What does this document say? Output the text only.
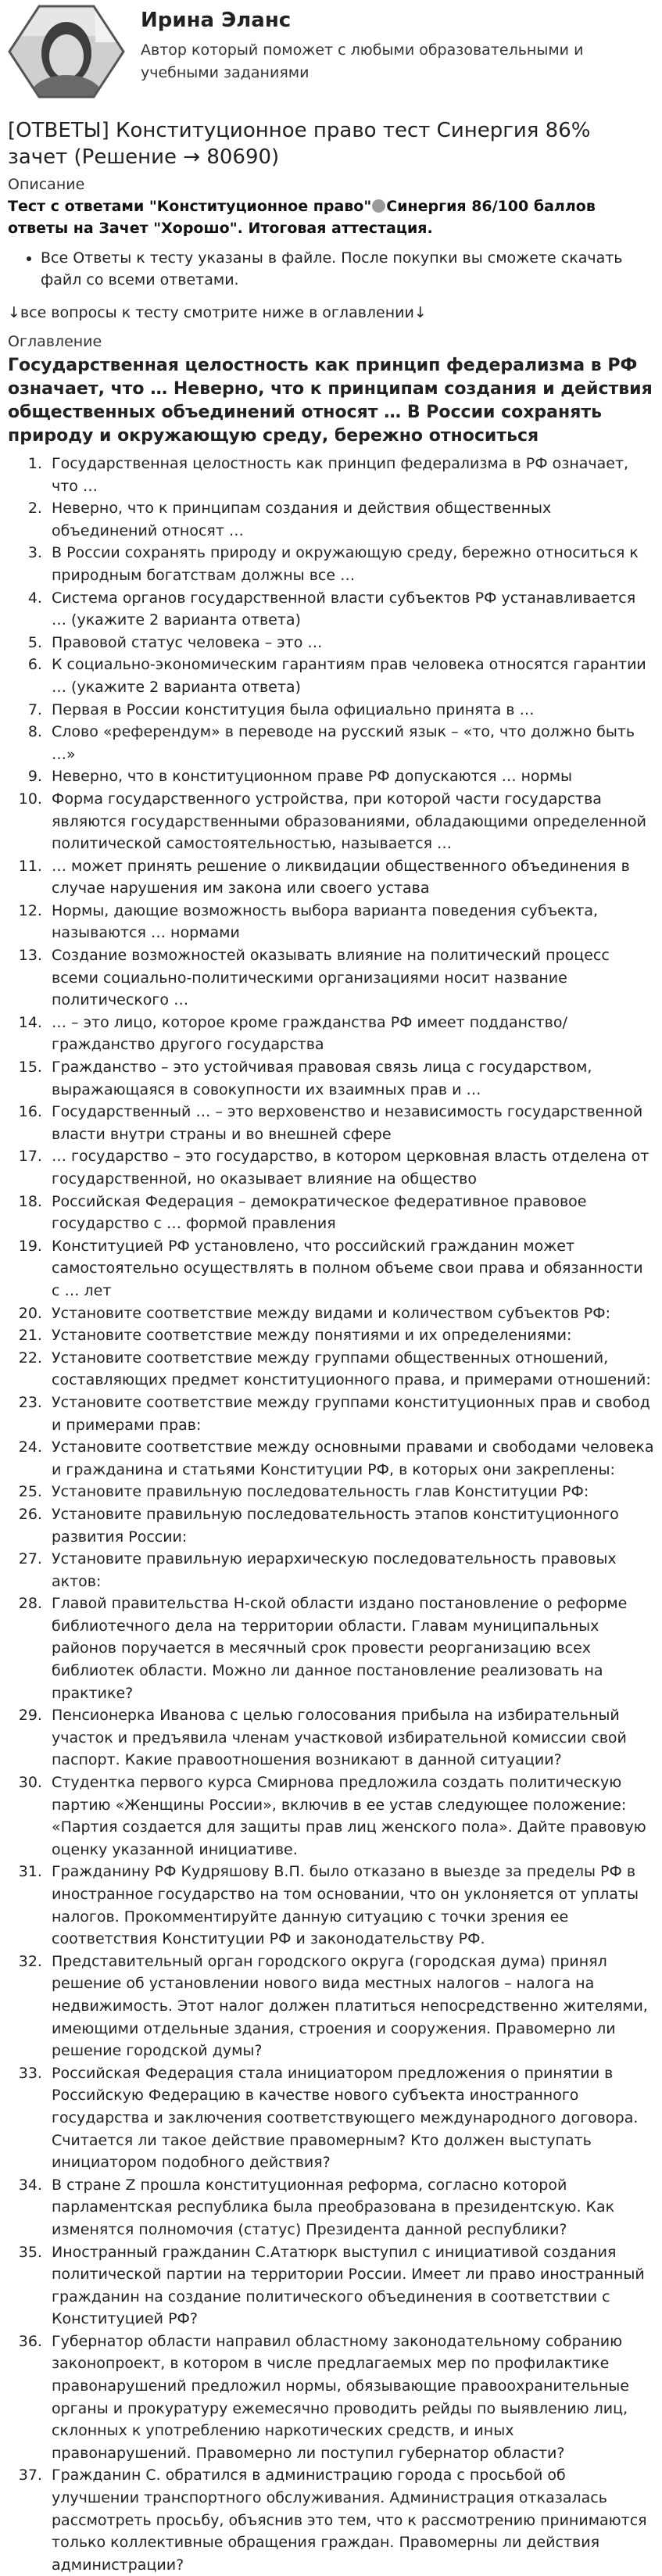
Ирина Эланс
Автор который поможет с любыми образовательными и учебными заданиями
[ОТВЕТЫ] Конституционное право тест Синергия 86% зачет (Решение → 80690)
Описание
Тест с ответами "Конституционное право" Синергия 86/100 баллов ответы на Зачет "Хорошо". Итоговая аттестация.
• Все Ответы к тесту указаны в файле. После покупки вы сможете скачать файл со всеми ответами.
↓все вопросы к тесту смотрите ниже в оглавлении↓
Оглавление
Государственная целостность как принцип федерализма в РФ означает, что … Неверно, что к принципам создания и действия общественных объединений относят … В России сохранять природу и окружающую среду, бережно относиться
1. Государственная целостность как принцип федерализма в РФ означает, что …
2. Неверно, что к принципам создания и действия общественных объединений относят …
3. В России сохранять природу и окружающую среду, бережно относиться к природным богатствам должны все …
4. Система органов государственной власти субъектов РФ устанавливается … (укажите 2 варианта ответа)
5. Правовой статус человека – это …
6. К социально-экономическим гарантиям прав человека относятся гарантии … (укажите 2 варианта ответа)
7. Первая в России конституция была официально принята в …
8. Слово «референдум» в переводе на русский язык – «то, что должно быть …»
9. Неверно, что в конституционном праве РФ допускаются … нормы
10. Форма государственного устройства, при которой части государства являются государственными образованиями, обладающими определенной политической самостоятельностью, называется …
11. … может принять решение о ликвидации общественного объединения в случае нарушения им закона или своего устава
12. Нормы, дающие возможность выбора варианта поведения субъекта, называются … нормами
13. Создание возможностей оказывать влияние на политический процесс всеми социально-политическими организациями носит название политического …
14. … – это лицо, которое кроме гражданства РФ имеет подданство/гражданство другого государства
15. Гражданство – это устойчивая правовая связь лица с государством, выражающаяся в совокупности их взаимных прав и …
16. Государственный … – это верховенство и независимость государственной власти внутри страны и во внешней сфере
17. … государство – это государство, в котором церковная власть отделена от государственной, но оказывает влияние на общество
18. Российская Федерация – демократическое федеративное правовое государство с … формой правления
19. Конституцией РФ установлено, что российский гражданин может самостоятельно осуществлять в полном объеме свои права и обязанности с … лет
20. Установите соответствие между видами и количеством субъектов РФ:
21. Установите соответствие между понятиями и их определениями:
22. Установите соответствие между группами общественных отношений, составляющих предмет конституционного права, и примерами отношений:
23. Установите соответствие между группами конституционных прав и свобод и примерами прав:
24. Установите соответствие между основными правами и свободами человека и гражданина и статьями Конституции РФ, в которых они закреплены:
25. Установите правильную последовательность глав Конституции РФ:
26. Установите правильную последовательность этапов конституционного развития России:
27. Установите правильную иерархическую последовательность правовых актов:
28. Главой правительства Н-ской области издано постановление о реформе библиотечного дела на территории области. Главам муниципальных районов поручается в месячный срок провести реорганизацию всех библиотек области. Можно ли данное постановление реализовать на практике?
29. Пенсионерка Иванова с целью голосования прибыла на избирательный участок и предъявила членам участковой избирательной комиссии свой паспорт. Какие правоотношения возникают в данной ситуации?
30. Студентка первого курса Смирнова предложила создать политическую партию «Женщины России», включив в ее устав следующее положение: «Партия создается для защиты прав лиц женского пола». Дайте правовую оценку указанной инициативе.
31. Гражданину РФ Кудряшову В.П. было отказано в выезде за пределы РФ в иностранное государство на том основании, что он уклоняется от уплаты налогов. Прокомментируйте данную ситуацию с точки зрения ее соответствия Конституции РФ и законодательству РФ.
32. Представительный орган городского округа (городская дума) принял решение об установлении нового вида местных налогов – налога на недвижимость. Этот налог должен платиться непосредственно жителями, имеющими отдельные здания, строения и сооружения. Правомерно ли решение городской думы?
33. Российская Федерация стала инициатором предложения о принятии в Российскую Федерацию в качестве нового субъекта иностранного государства и заключения соответствующего международного договора. Считается ли такое действие правомерным? Кто должен выступать инициатором подобного действия?
34. В стране Z прошла конституционная реформа, согласно которой парламентская республика была преобразована в президентскую. Как изменятся полномочия (статус) Президента данной республики?
35. Иностранный гражданин С.Ататюрк выступил с инициативой создания политической партии на территории России. Имеет ли право иностранный гражданин на создание политического объединения в соответствии с Конституцией РФ?
36. Губернатор области направил областному законодательному собранию законопроект, в котором в числе предлагаемых мер по профилактике правонарушений предложил нормы, обязывающие правоохранительные органы и прокуратуру ежемесячно проводить рейды по выявлению лиц, склонных к употреблению наркотических средств, и иных правонарушений. Правомерно ли поступил губернатор области?
37. Гражданин С. обратился в администрацию города с просьбой об улучшении транспортного обслуживания. Администрация отказалась рассмотреть просьбу, объяснив это тем, что к рассмотрению принимаются только коллективные обращения граждан. Правомерны ли действия администрации?
